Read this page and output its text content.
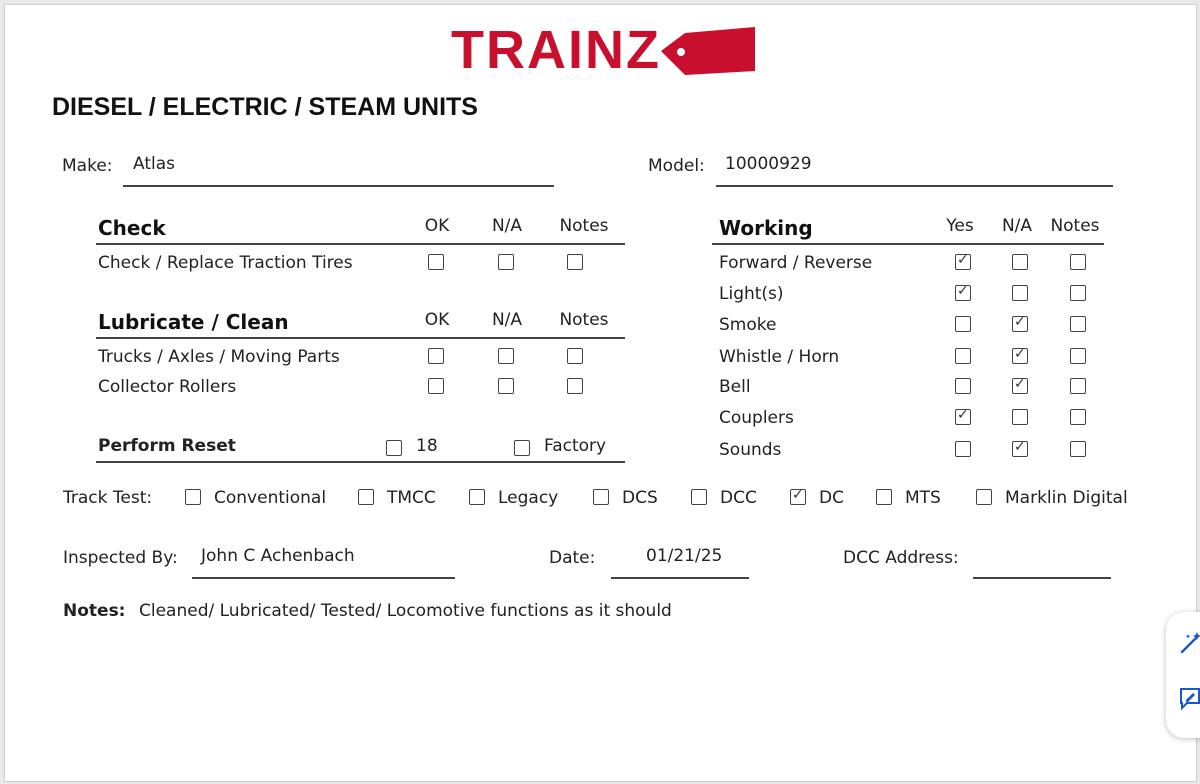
TRAINZ
DIESEL / ELECTRIC / STEAM UNITS
Make: Atlas	Model: 10000929
Check	OK	N/A	Notes
Check / Replace Traction Tires
Lubricate / Clean	OK	N/A	Notes
Trucks / Axles / Moving Parts
Collector Rollers
Perform Reset	18	Factory
Working	Yes	N/A	Notes
Forward / Reverse
✓
Light(s)
✓
Smoke
✓
Whistle / Horn
✓
Bell
✓
Couplers
✓
Sounds
✓
Track Test:	Conventional	TMCC	Legacy	DCS	DCC
✓	DC	MTS	Marklin Digital
Inspected By: John C Achenbach	Date:	01/21/25	DCC Address:
Notes: Cleaned/ Lubricated/ Tested/ Locomotive functions as it should
